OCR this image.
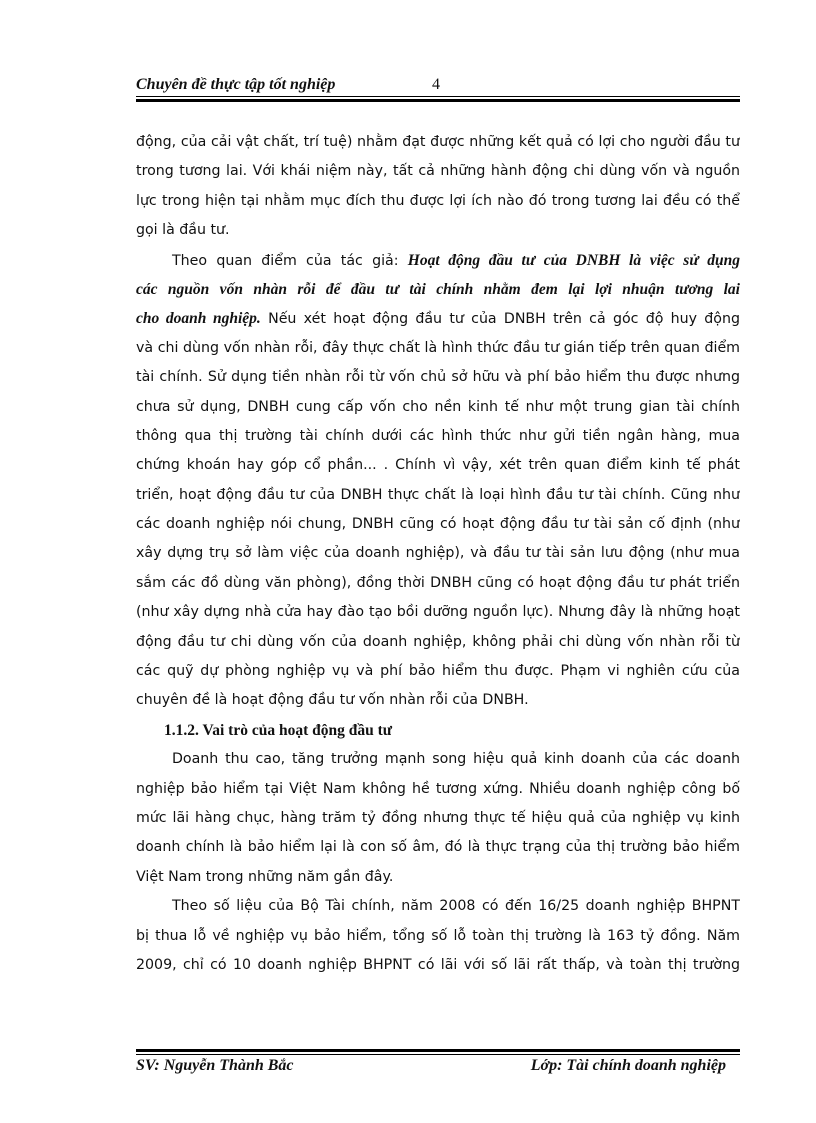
Chuyên đề thực tập tốt nghiệp	4
động, của cải vật chất, trí tuệ) nhằm đạt được những kết quả có lợi cho người đầu tư
trong tương lai. Với khái niệm này, tất cả những hành động chi dùng vốn và nguồn
lực trong hiện tại nhằm mục đích thu được lợi ích nào đó trong tương lai đều có thể
gọi là đầu tư.
Theo quan điểm của tác giả: Hoạt động đầu tư của DNBH là việc sử dụng
các nguồn vốn nhàn rỗi để đầu tư tài chính nhằm đem lại lợi nhuận tương lai
cho doanh nghiệp. Nếu xét hoạt động đầu tư của DNBH trên cả góc độ huy động
và chi dùng vốn nhàn rỗi, đây thực chất là hình thức đầu tư gián tiếp trên quan điểm
tài chính. Sử dụng tiền nhàn rỗi từ vốn chủ sở hữu và phí bảo hiểm thu được nhưng
chưa sử dụng, DNBH cung cấp vốn cho nền kinh tế như một trung gian tài chính
thông qua thị trường tài chính dưới các hình thức như gửi tiền ngân hàng, mua
chứng khoán hay góp cổ phần... . Chính vì vậy, xét trên quan điểm kinh tế phát
triển, hoạt động đầu tư của DNBH thực chất là loại hình đầu tư tài chính. Cũng như
các doanh nghiệp nói chung, DNBH cũng có hoạt động đầu tư tài sản cố định (như
xây dựng trụ sở làm việc của doanh nghiệp), và đầu tư tài sản lưu động (như mua
sắm các đồ dùng văn phòng), đồng thời DNBH cũng có hoạt động đầu tư phát triển
(như xây dựng nhà cửa hay đào tạo bồi dưỡng nguồn lực). Nhưng đây là những hoạt
động đầu tư chi dùng vốn của doanh nghiệp, không phải chi dùng vốn nhàn rỗi từ
các quỹ dự phòng nghiệp vụ và phí bảo hiểm thu được. Phạm vi nghiên cứu của
chuyên đề là hoạt động đầu tư vốn nhàn rỗi của DNBH.
1.1.2. Vai trò của hoạt động đầu tư
Doanh thu cao, tăng trưởng mạnh song hiệu quả kinh doanh của các doanh
nghiệp bảo hiểm tại Việt Nam không hề tương xứng. Nhiều doanh nghiệp công bố
mức lãi hàng chục, hàng trăm tỷ đồng nhưng thực tế hiệu quả của nghiệp vụ kinh
doanh chính là bảo hiểm lại là con số âm, đó là thực trạng của thị trường bảo hiểm
Việt Nam trong những năm gần đây.
Theo số liệu của Bộ Tài chính, năm 2008 có đến 16/25 doanh nghiệp BHPNT
bị thua lỗ về nghiệp vụ bảo hiểm, tổng số lỗ toàn thị trường là 163 tỷ đồng. Năm
2009, chỉ có 10 doanh nghiệp BHPNT có lãi với số lãi rất thấp, và toàn thị trường
SV: Nguyễn Thành Bắc	Lớp: Tài chính doanh nghiệp
